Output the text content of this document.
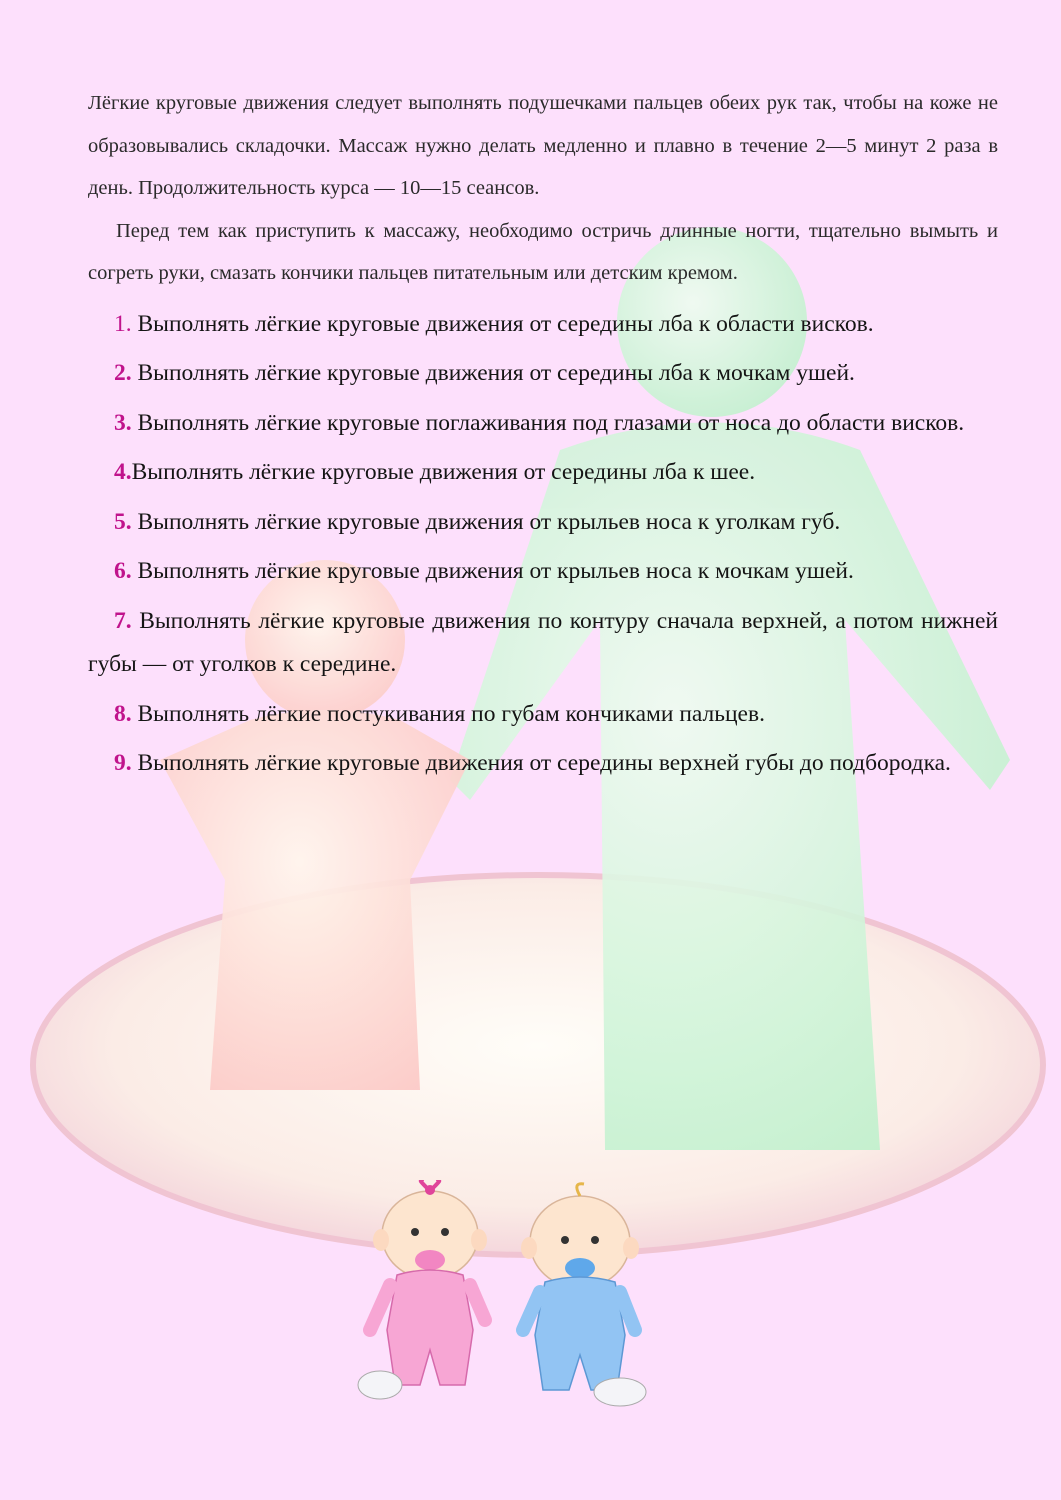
Лёгкие круговые движения следует выполнять подушечками пальцев обеих рук так, чтобы на коже не образовывались складочки. Массаж нужно делать медленно и плавно в течение 2—5 минут 2 раза в день. Продолжительность курса — 10—15 сеансов.

Перед тем как приступить к массажу, необходимо остричь длинные ногти, тщательно вымыть и согреть руки, смазать кончики пальцев питательным или детским кремом.

1. Выполнять лёгкие круговые движения от середины лба к области висков.

2. Выполнять лёгкие круговые движения от середины лба к мочкам ушей.

3. Выполнять лёгкие круговые поглаживания под глазами от носа до области висков.

4.Выполнять лёгкие круговые движения от середины лба к шее.

5. Выполнять лёгкие круговые движения от крыльев носа к уголкам губ.

6. Выполнять лёгкие круговые движения от крыльев носа к мочкам ушей.

7. Выполнять лёгкие круговые движения по контуру сначала верхней, а потом нижней губы — от уголков к середине.

8. Выполнять лёгкие постукивания по губам кончиками пальцев.

9. Выполнять лёгкие круговые движения от середины верхней губы до подбородка.
